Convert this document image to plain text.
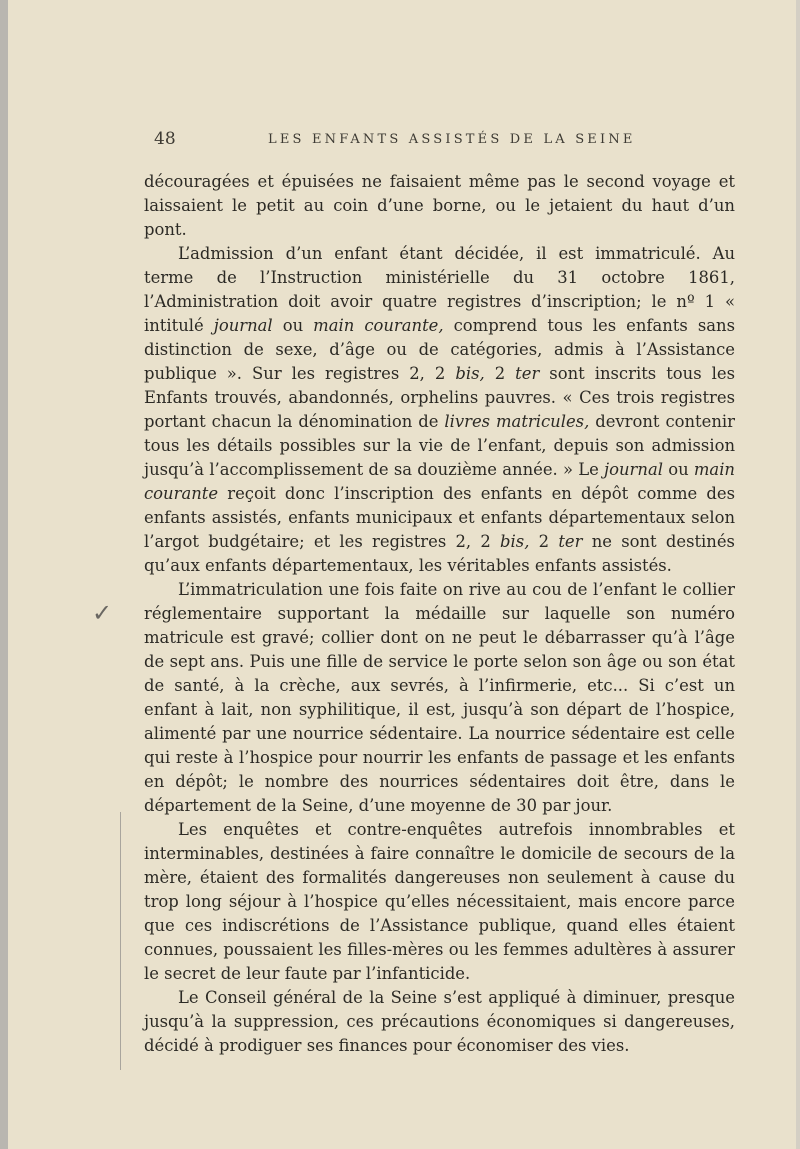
48	LES ENFANTS ASSISTÉS DE LA SEINE

découragées et épuisées ne faisaient même pas le second voyage et laissaient le petit au coin d’une borne, ou le jetaient du haut d’un pont.

L’admission d’un enfant étant décidée, il est immatriculé. Au terme de l’Instruction ministérielle du 31 octobre 1861, l’Administration doit avoir quatre registres d’inscription; le nº 1 « intitulé journal ou main courante, comprend tous les enfants sans distinction de sexe, d’âge ou de catégories, admis à l’Assistance publique ». Sur les registres 2, 2 bis, 2 ter sont inscrits tous les Enfants trouvés, abandonnés, orphelins pauvres. « Ces trois registres portant chacun la dénomination de livres matricules, devront contenir tous les détails possibles sur la vie de l’enfant, depuis son admission jusqu’à l’accomplissement de sa douzième année. » Le journal ou main courante reçoit donc l’inscription des enfants en dépôt comme des enfants assistés, enfants municipaux et enfants départementaux selon l’argot budgétaire; et les registres 2, 2 bis, 2 ter ne sont destinés qu’aux enfants départementaux, les véritables enfants assistés.

L’immatriculation une fois faite on rive au cou de l’enfant le collier réglementaire supportant la médaille sur laquelle son numéro matricule est gravé; collier dont on ne peut le débarrasser qu’à l’âge de sept ans. Puis une fille de service le porte selon son âge ou son état de santé, à la crèche, aux sevrés, à l’infirmerie, etc... Si c’est un enfant à lait, non syphilitique, il est, jusqu’à son départ de l’hospice, alimenté par une nourrice sédentaire. La nourrice sédentaire est celle qui reste à l’hospice pour nourrir les enfants de passage et les enfants en dépôt; le nombre des nourrices sédentaires doit être, dans le département de la Seine, d’une moyenne de 30 par jour.

Les enquêtes et contre-enquêtes autrefois innombrables et interminables, destinées à faire connaître le domicile de secours de la mère, étaient des formalités dangereuses non seulement à cause du trop long séjour à l’hospice qu’elles nécessitaient, mais encore parce que ces indiscrétions de l’Assistance publique, quand elles étaient connues, poussaient les filles-mères ou les femmes adultères à assurer le secret de leur faute par l’infanticide.

Le Conseil général de la Seine s’est appliqué à diminuer, presque jusqu’à la suppression, ces précautions économiques si dangereuses, décidé à prodiguer ses finances pour économiser des vies.

✓
